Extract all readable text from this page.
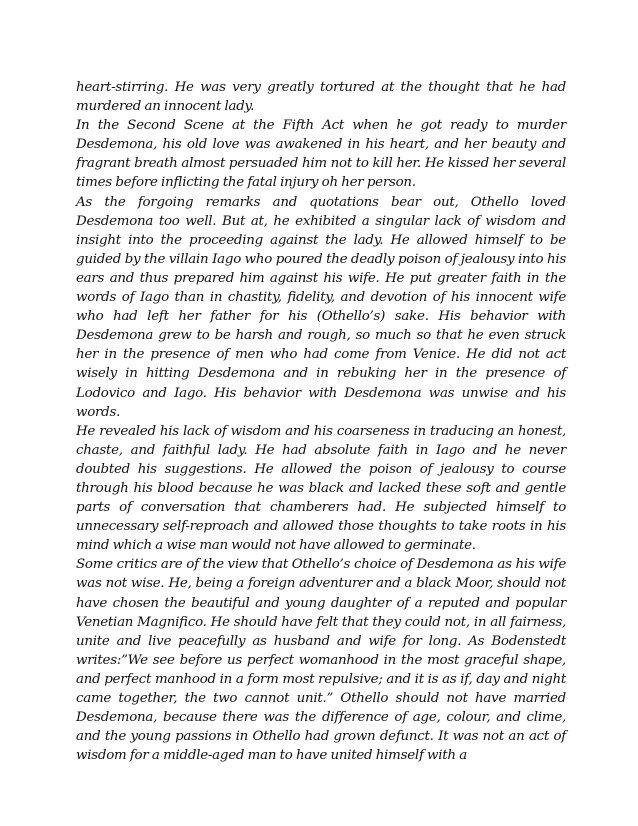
heart-stirring. He was very greatly tortured at the thought that he had murdered an innocent lady.

In the Second Scene at the Fifth Act when he got ready to murder Desdemona, his old love was awakened in his heart, and her beauty and fragrant breath almost persuaded him not to kill her. He kissed her several times before inflicting the fatal injury oh her person.

As the forgoing remarks and quotations bear out, Othello loved Desdemona too well. But at, he exhibited a singular lack of wisdom and insight into the proceeding against the lady. He allowed himself to be guided by the villain Iago who poured the deadly poison of jealousy into his ears and thus prepared him against his wife. He put greater faith in the words of Iago than in chastity, fidelity, and devotion of his innocent wife who had left her father for his (Othello’s) sake. His behavior with Desdemona grew to be harsh and rough, so much so that he even struck her in the presence of men who had come from Venice. He did not act wisely in hitting Desdemona and in rebuking her in the presence of Lodovico and Iago. His behavior with Desdemona was unwise and his words.

He revealed his lack of wisdom and his coarseness in traducing an honest, chaste, and faithful lady. He had absolute faith in Iago and he never doubted his suggestions. He allowed the poison of jealousy to course through his blood because he was black and lacked these soft and gentle parts of conversation that chamberers had. He subjected himself to unnecessary self-reproach and allowed those thoughts to take roots in his mind which a wise man would not have allowed to germinate.

Some critics are of the view that Othello’s choice of Desdemona as his wife was not wise. He, being a foreign adventurer and a black Moor, should not have chosen the beautiful and young daughter of a reputed and popular Venetian Magnifico. He should have felt that they could not, in all fairness, unite and live peacefully as husband and wife for long. As Bodenstedt writes:”We see before us perfect womanhood in the most graceful shape, and perfect manhood in a form most repulsive; and it is as if, day and night came together, the two cannot unit.” Othello should not have married Desdemona, because there was the difference of age, colour, and clime, and the young passions in Othello had grown defunct. It was not an act of wisdom for a middle-aged man to have united himself with a
